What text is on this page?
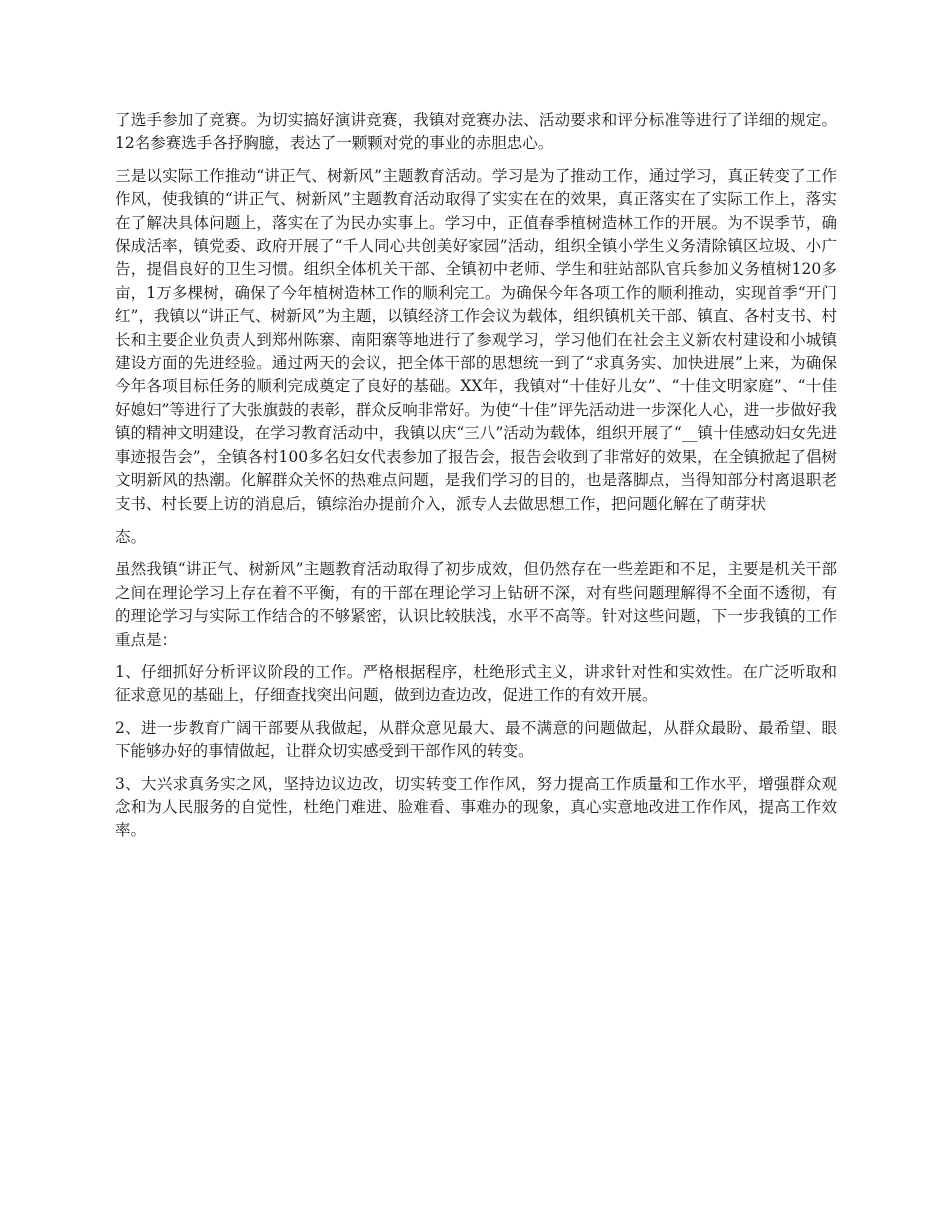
了选手参加了竞赛。为切实搞好演讲竞赛，我镇对竞赛办法、活动要求和评分标准等进行了详细的规定。12名参赛选手各抒胸臆，表达了一颗颗对党的事业的赤胆忠心。

三是以实际工作推动“讲正气、树新风”主题教育活动。学习是为了推动工作，通过学习，真正转变了工作作风，使我镇的“讲正气、树新风”主题教育活动取得了实实在在的效果，真正落实在了实际工作上，落实在了解决具体问题上，落实在了为民办实事上。学习中，正值春季植树造林工作的开展。为不误季节，确保成活率，镇党委、政府开展了“千人同心共创美好家园”活动，组织全镇小学生义务清除镇区垃圾、小广告，提倡良好的卫生习惯。组织全体机关干部、全镇初中老师、学生和驻站部队官兵参加义务植树120多亩，1万多棵树，确保了今年植树造林工作的顺利完工。为确保今年各项工作的顺利推动，实现首季“开门红”，我镇以“讲正气、树新风”为主题，以镇经济工作会议为载体，组织镇机关干部、镇直、各村支书、村长和主要企业负责人到郑州陈寨、南阳寨等地进行了参观学习，学习他们在社会主义新农村建设和小城镇建设方面的先进经验。通过两天的会议，把全体干部的思想统一到了“求真务实、加快进展”上来，为确保今年各项目标任务的顺利完成奠定了良好的基础。XX年，我镇对“十佳好儿女”、“十佳文明家庭”、“十佳好媳妇”等进行了大张旗鼓的表彰，群众反响非常好。为使“十佳”评先活动进一步深化人心，进一步做好我镇的精神文明建设，在学习教育活动中，我镇以庆“三八”活动为载体，组织开展了“__镇十佳感动妇女先进事迹报告会”，全镇各村100多名妇女代表参加了报告会，报告会收到了非常好的效果，在全镇掀起了倡树文明新风的热潮。化解群众关怀的热难点问题，是我们学习的目的，也是落脚点，当得知部分村离退职老支书、村长要上访的消息后，镇综治办提前介入，派专人去做思想工作，把问题化解在了萌芽状

态。

虽然我镇“讲正气、树新风”主题教育活动取得了初步成效，但仍然存在一些差距和不足，主要是机关干部之间在理论学习上存在着不平衡，有的干部在理论学习上钻研不深，对有些问题理解得不全面不透彻，有的理论学习与实际工作结合的不够紧密，认识比较肤浅，水平不高等。针对这些问题，下一步我镇的工作重点是：

1、仔细抓好分析评议阶段的工作。严格根据程序，杜绝形式主义，讲求针对性和实效性。在广泛听取和征求意见的基础上，仔细查找突出问题，做到边查边改，促进工作的有效开展。

2、进一步教育广阔干部要从我做起，从群众意见最大、最不满意的问题做起，从群众最盼、最希望、眼下能够办好的事情做起，让群众切实感受到干部作风的转变。

3、大兴求真务实之风，坚持边议边改，切实转变工作作风，努力提高工作质量和工作水平，增强群众观念和为人民服务的自觉性，杜绝门难进、脸难看、事难办的现象，真心实意地改进工作作风，提高工作效率。
